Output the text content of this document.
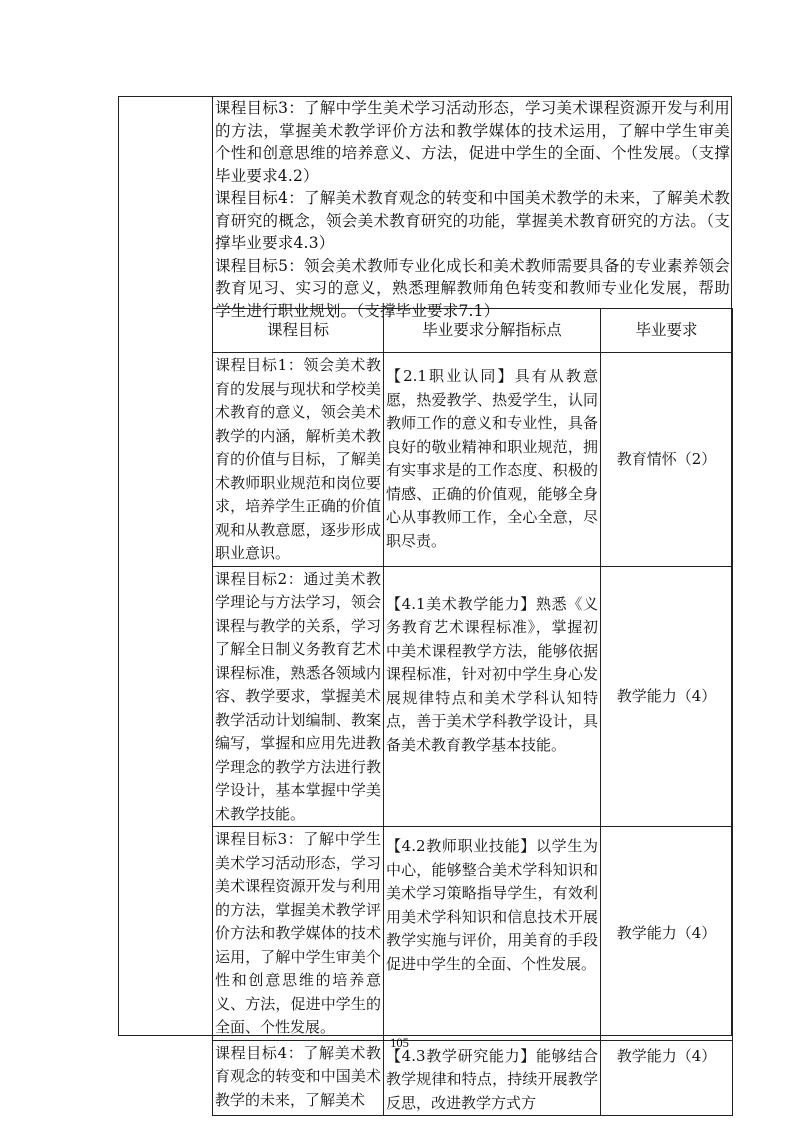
课程目标3：了解中学生美术学习活动形态，学习美术课程资源开发与利用的方法，掌握美术教学评价方法和教学媒体的技术运用，了解中学生审美个性和创意思维的培养意义、方法，促进中学生的全面、个性发展。（支撑毕业要求4.2）

课程目标4：了解美术教育观念的转变和中国美术教学的未来，了解美术教育研究的概念，领会美术教育研究的功能，掌握美术教育研究的方法。（支撑毕业要求4.3）

课程目标5：领会美术教师专业化成长和美术教师需要具备的专业素养领会教育见习、实习的意义，熟悉理解教师角色转变和教师专业化发展，帮助学生进行职业规划。（支撑毕业要求7.1）

课程目标	毕业要求分解指标点	毕业要求
课程目标1：领会美术教育的发展与现状和学校美术教育的意义，领会美术教学的内涵，解析美术教育的价值与目标，了解美术教师职业规范和岗位要求，培养学生正确的价值观和从教意愿，逐步形成职业意识。	【2.1职业认同】具有从教意愿，热爱教学、热爱学生，认同教师工作的意义和专业性，具备良好的敬业精神和职业规范，拥有实事求是的工作态度、积极的情感、正确的价值观，能够全身心从事教师工作，全心全意，尽职尽责。	教育情怀（2）
课程目标2：通过美术教学理论与方法学习，领会课程与教学的关系，学习了解全日制义务教育艺术课程标准，熟悉各领域内容、教学要求，掌握美术教学活动计划编制、教案编写，掌握和应用先进教学理念的教学方法进行教学设计，基本掌握中学美术教学技能。	【4.1美术教学能力】熟悉《义务教育艺术课程标准》，掌握初中美术课程教学方法，能够依据课程标准，针对初中学生身心发展规律特点和美术学科认知特点，善于美术学科教学设计，具备美术教育教学基本技能。	教学能力（4）
课程目标3：了解中学生美术学习活动形态，学习美术课程资源开发与利用的方法，掌握美术教学评价方法和教学媒体的技术运用，了解中学生审美个性和创意思维的培养意义、方法，促进中学生的全面、个性发展。	【4.2教师职业技能】以学生为中心，能够整合美术学科知识和美术学习策略指导学生，有效利用美术学科知识和信息技术开展教学实施与评价，用美育的手段促进中学生的全面、个性发展。	教学能力（4）
课程目标4：了解美术教育观念的转变和中国美术教学的未来，了解美术	【4.3教学研究能力】能够结合教学规律和特点，持续开展教学反思，改进教学方式方	教学能力（4）
105
